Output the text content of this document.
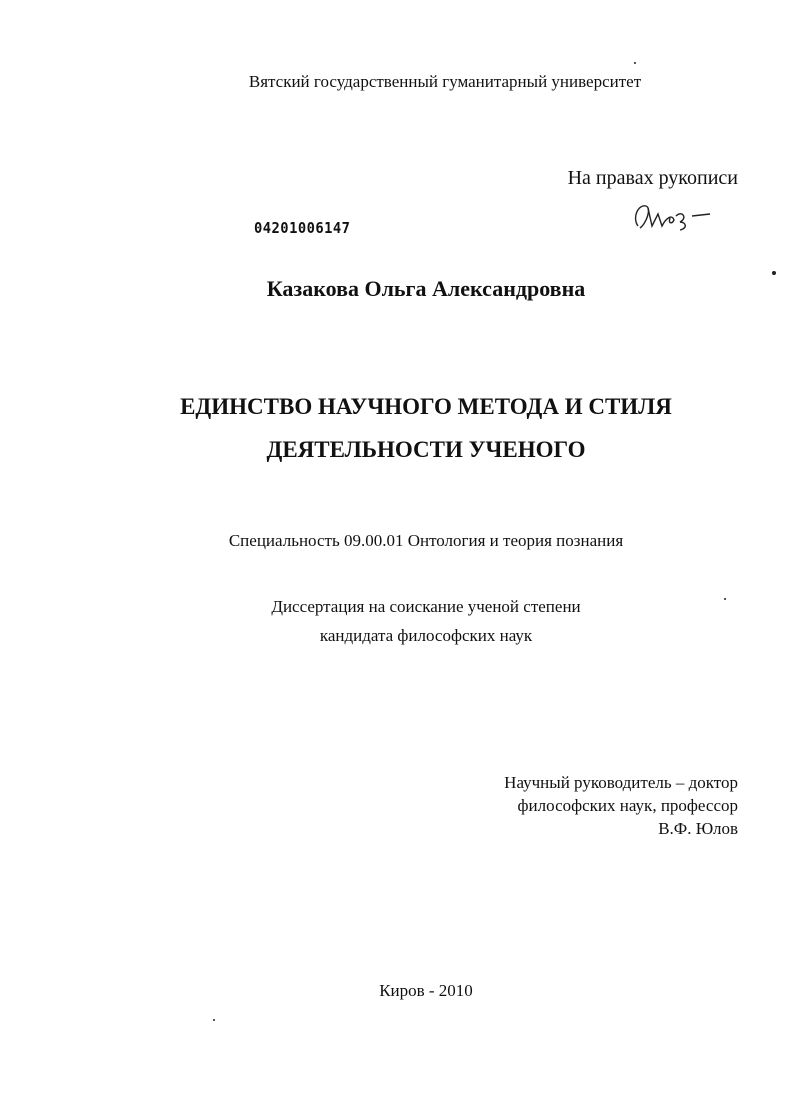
Вятский государственный гуманитарный университет
На правах рукописи
04201006147
Казакова Ольга Александровна
ЕДИНСТВО НАУЧНОГО МЕТОДА И СТИЛЯ
ДЕЯТЕЛЬНОСТИ УЧЕНОГО
Специальность 09.00.01 Онтология и теория познания
Диссертация на соискание ученой степени
кандидата философских наук
Научный руководитель – доктор
философских наук, профессор
В.Ф. Юлов
Киров - 2010
